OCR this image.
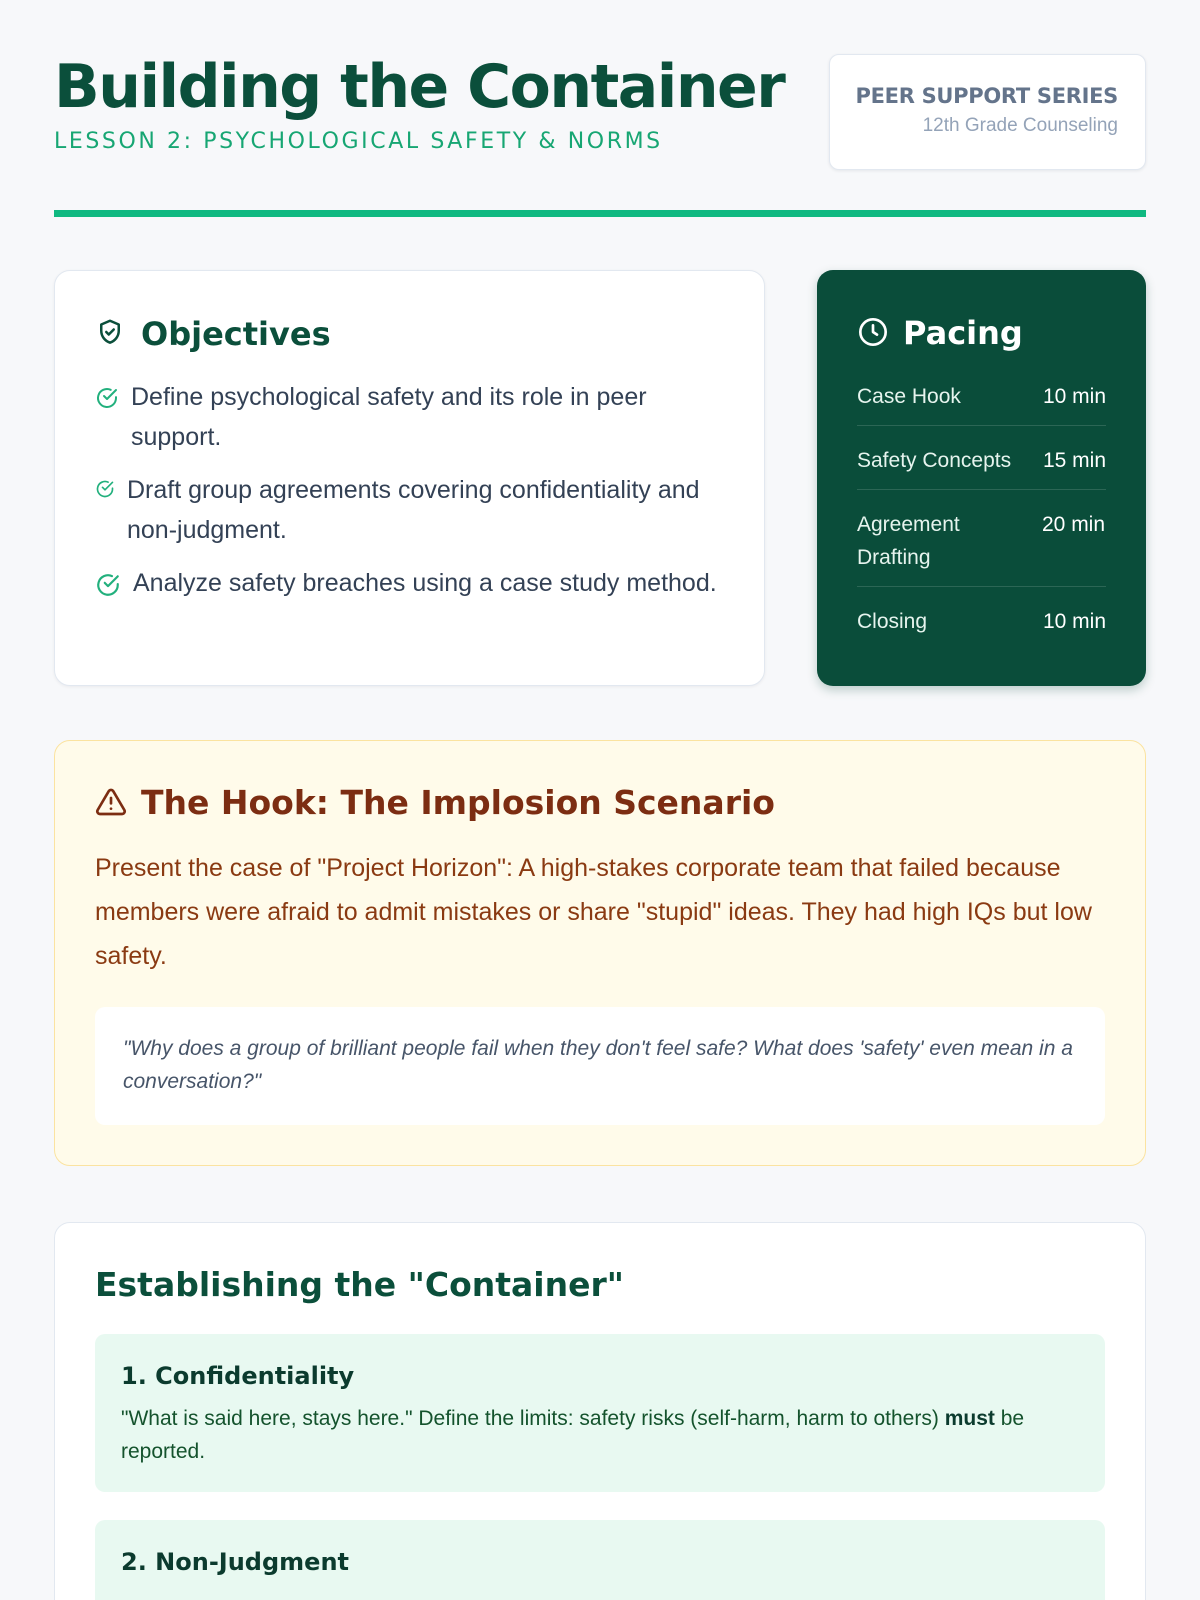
Building the Container
LESSON 2: PSYCHOLOGICAL SAFETY & NORMS
PEER SUPPORT SERIES
12th Grade Counseling
Objectives
Define psychological safety and its role in peer support.
Draft group agreements covering confidentiality and non-judgment.
Analyze safety breaches using a case study method.
Pacing
Case Hook	10 min
Safety Concepts 15 min
Agreement Drafting
20 min
Closing	10 min
The Hook: The Implosion Scenario

Present the case of "Project Horizon": A high-stakes corporate team that failed because members were afraid to admit mistakes or share "stupid" ideas. They had high IQs but low safety.

"Why does a group of brilliant people fail when they don't feel safe? What does 'safety' even mean in a conversation?"
Establishing the "Container"
1. Confidentiality
"What is said here, stays here." Define the limits: safety risks (self-harm, harm to others) must be reported.
2. Non-Judgment
